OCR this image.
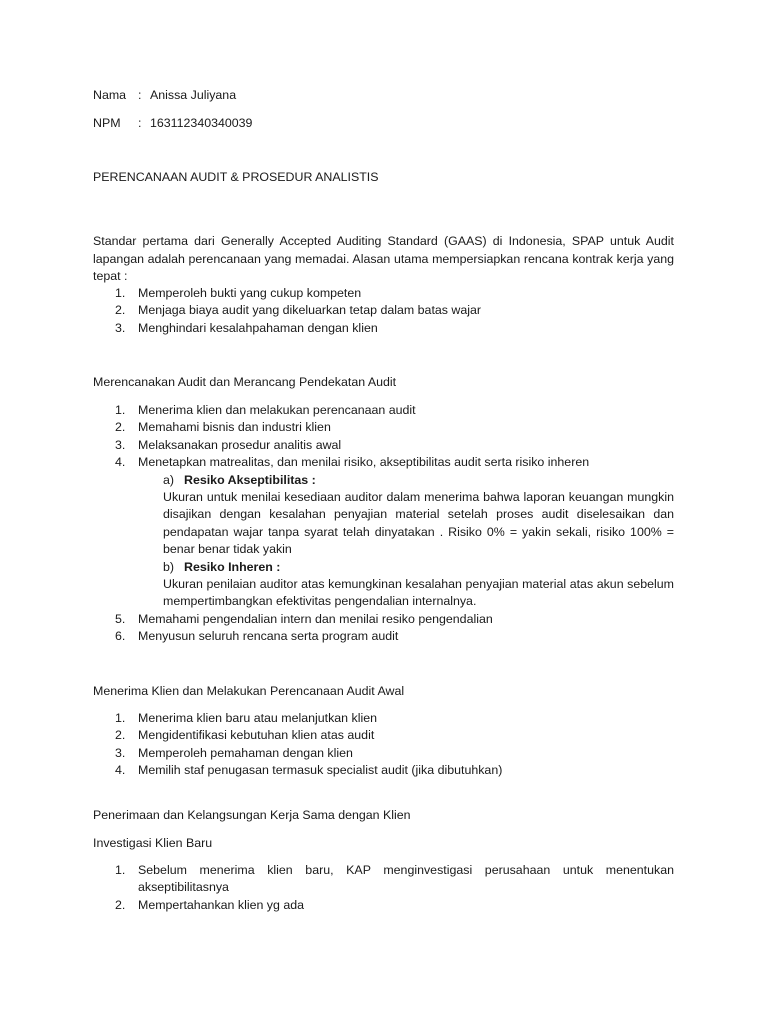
Nama : Anissa Juliyana
NPM : 163112340340039
PERENCANAAN AUDIT & PROSEDUR ANALISTIS

Standar pertama dari Generally Accepted Auditing Standard (GAAS) di Indonesia, SPAP untuk Audit lapangan adalah perencanaan yang memadai. Alasan utama mempersiapkan rencana kontrak kerja yang tepat :

1. Memperoleh bukti yang cukup kompeten
2. Menjaga biaya audit yang dikeluarkan tetap dalam batas wajar
3. Menghindari kesalahpahaman dengan klien
Merencanakan Audit dan Merancang Pendekatan Audit
1. Menerima klien dan melakukan perencanaan audit
2. Memahami bisnis dan industri klien
3. Melaksanakan prosedur analitis awal
4. Menetapkan matrealitas, dan menilai risiko, akseptibilitas audit serta risiko inheren
a) Resiko Akseptibilitas :
Ukuran untuk menilai kesediaan auditor dalam menerima bahwa laporan keuangan mungkin disajikan dengan kesalahan penyajian material setelah proses audit diselesaikan dan pendapatan wajar tanpa syarat telah dinyatakan . Risiko 0% = yakin sekali, risiko 100% = benar benar tidak yakin
b) Resiko Inheren :
Ukuran penilaian auditor atas kemungkinan kesalahan penyajian material atas akun sebelum mempertimbangkan efektivitas pengendalian internalnya.
5. Memahami pengendalian intern dan menilai resiko pengendalian
6. Menyusun seluruh rencana serta program audit
Menerima Klien dan Melakukan Perencanaan Audit Awal
1. Menerima klien baru atau melanjutkan klien
2. Mengidentifikasi kebutuhan klien atas audit
3. Memperoleh pemahaman dengan klien
4. Memilih staf penugasan termasuk specialist audit (jika dibutuhkan)
Penerimaan dan Kelangsungan Kerja Sama dengan Klien
Investigasi Klien Baru
1. Sebelum menerima klien baru, KAP menginvestigasi perusahaan untuk menentukan akseptibilitasnya
2. Mempertahankan klien yg ada
